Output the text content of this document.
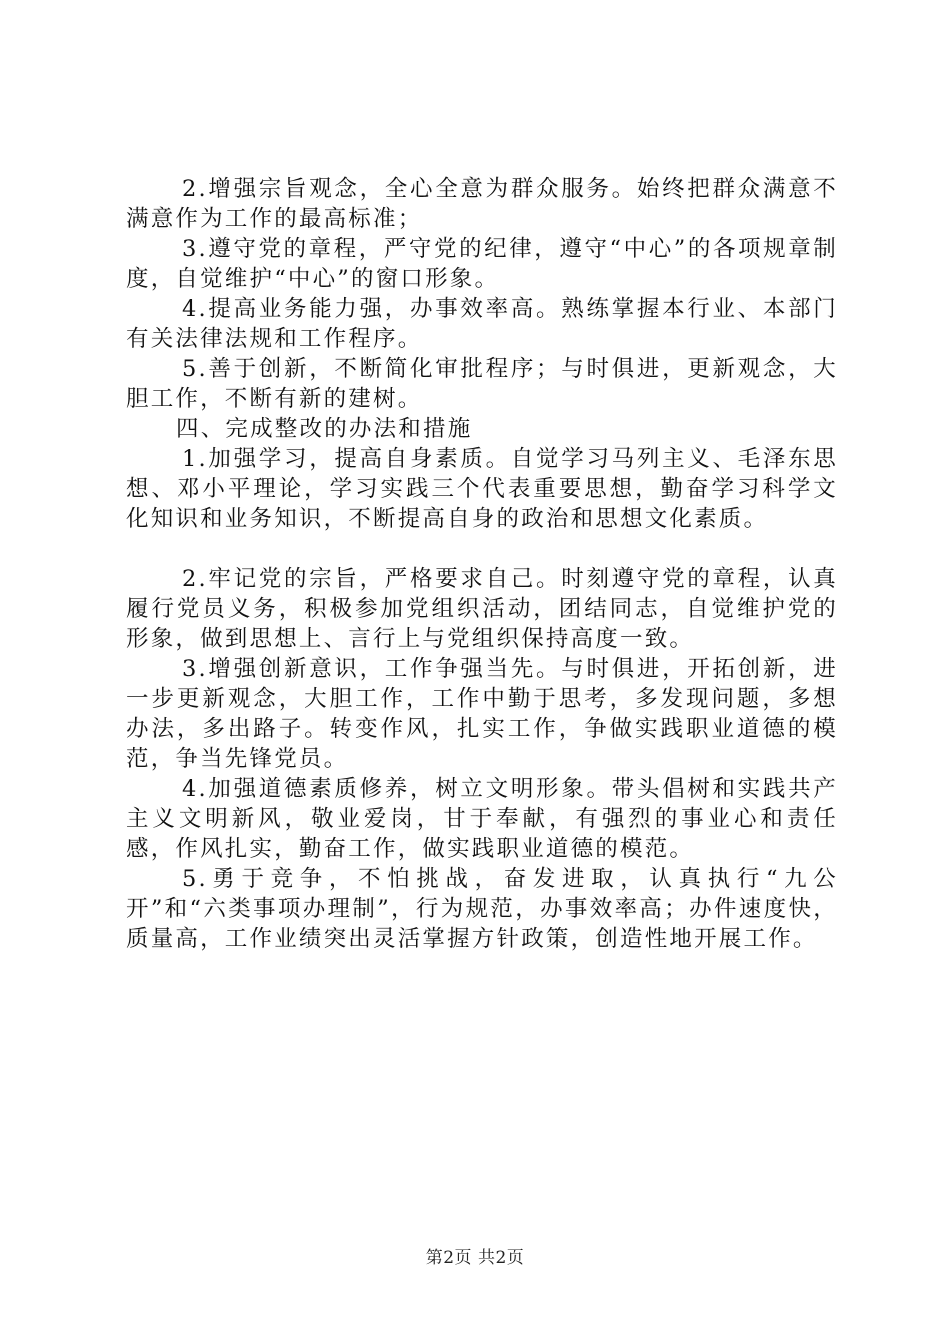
2.增强宗旨观念，全心全意为群众服务。始终把群众满意不满意作为工作的最高标准；

3.遵守党的章程，严守党的纪律，遵守“中心”的各项规章制度，自觉维护“中心”的窗口形象。

4.提高业务能力强，办事效率高。熟练掌握本行业、本部门有关法律法规和工作程序。

5.善于创新，不断简化审批程序；与时俱进，更新观念，大胆工作，不断有新的建树。

四、完成整改的办法和措施

1.加强学习，提高自身素质。自觉学习马列主义、毛泽东思想、邓小平理论，学习实践三个代表重要思想，勤奋学习科学文化知识和业务知识，不断提高自身的政治和思想文化素质。

2.牢记党的宗旨，严格要求自己。时刻遵守党的章程，认真履行党员义务，积极参加党组织活动，团结同志，自觉维护党的形象，做到思想上、言行上与党组织保持高度一致。

3.增强创新意识，工作争强当先。与时俱进，开拓创新，进一步更新观念，大胆工作，工作中勤于思考，多发现问题，多想办法，多出路子。转变作风，扎实工作，争做实践职业道德的模范，争当先锋党员。

4.加强道德素质修养，树立文明形象。带头倡树和实践共产主义文明新风，敬业爱岗，甘于奉献，有强烈的事业心和责任感，作风扎实，勤奋工作，做实践职业道德的模范。

5.勇于竞争，不怕挑战，奋发进取，认真执行“九公开”和“六类事项办理制”，行为规范，办事效率高；办件速度快，质量高，工作业绩突出灵活掌握方针政策，创造性地开展工作。

第2页 共2页
